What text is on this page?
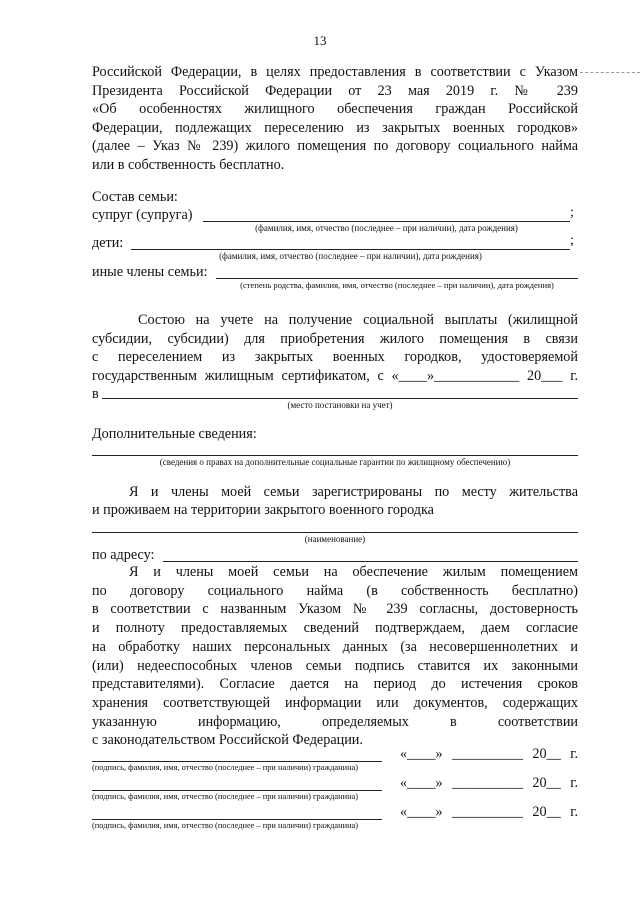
13
Российской Федерации, в целях предоставления в соответствии с Указом
Президента Российской Федерации от 23 мая 2019 г. № 239
«Об особенностях жилищного обеспечения граждан Российской
Федерации, подлежащих переселению из закрытых военных городков»
(далее – Указ № 239) жилого помещения по договору социального найма
или в собственность бесплатно.
Состав семьи:
супруг (супруга)	;
(фамилия, имя, отчество (последнее – при наличии), дата рождения)
дети:	;
(фамилия, имя, отчество (последнее – при наличии), дата рождения)
иные члены семьи:
(степень родства, фамилия, имя, отчество (последнее – при наличии), дата рождения)
Состою на учете на получение социальной выплаты (жилищной
субсидии, субсидии) для приобретения жилого помещения в связи
с переселением из закрытых военных городков, удостоверяемой
государственным жилищным сертификатом, с «____»____________ 20___ г.
в
(место постановки на учет)
Дополнительные сведения:
(сведения о правах на дополнительные социальные гарантии по жилищному обеспечению)
Я и члены моей семьи зарегистрированы по месту жительства
и проживаем на территории закрытого военного городка
(наименование)
по адресу:
Я и члены моей семьи на обеспечение жилым помещением
по договору социального найма (в собственность бесплатно)
в соответствии с названным Указом № 239 согласны, достоверность
и полноту предоставляемых сведений подтверждаем, даем согласие
на обработку наших персональных данных (за несовершеннолетних и
(или) недееспособных членов семьи подпись ставится их законными
представителями). Согласие дается на период до истечения сроков
хранения соответствующей информации или документов, содержащих
указанную информацию, определяемых в соответствии
с законодательством Российской Федерации.
«____» __________ 20__ г.
(подпись, фамилия, имя, отчество (последнее – при наличии) гражданина)
«____» __________ 20__ г.
(подпись, фамилия, имя, отчество (последнее – при наличии) гражданина)
«____» __________ 20__ г.
(подпись, фамилия, имя, отчество (последнее – при наличии) гражданина)
